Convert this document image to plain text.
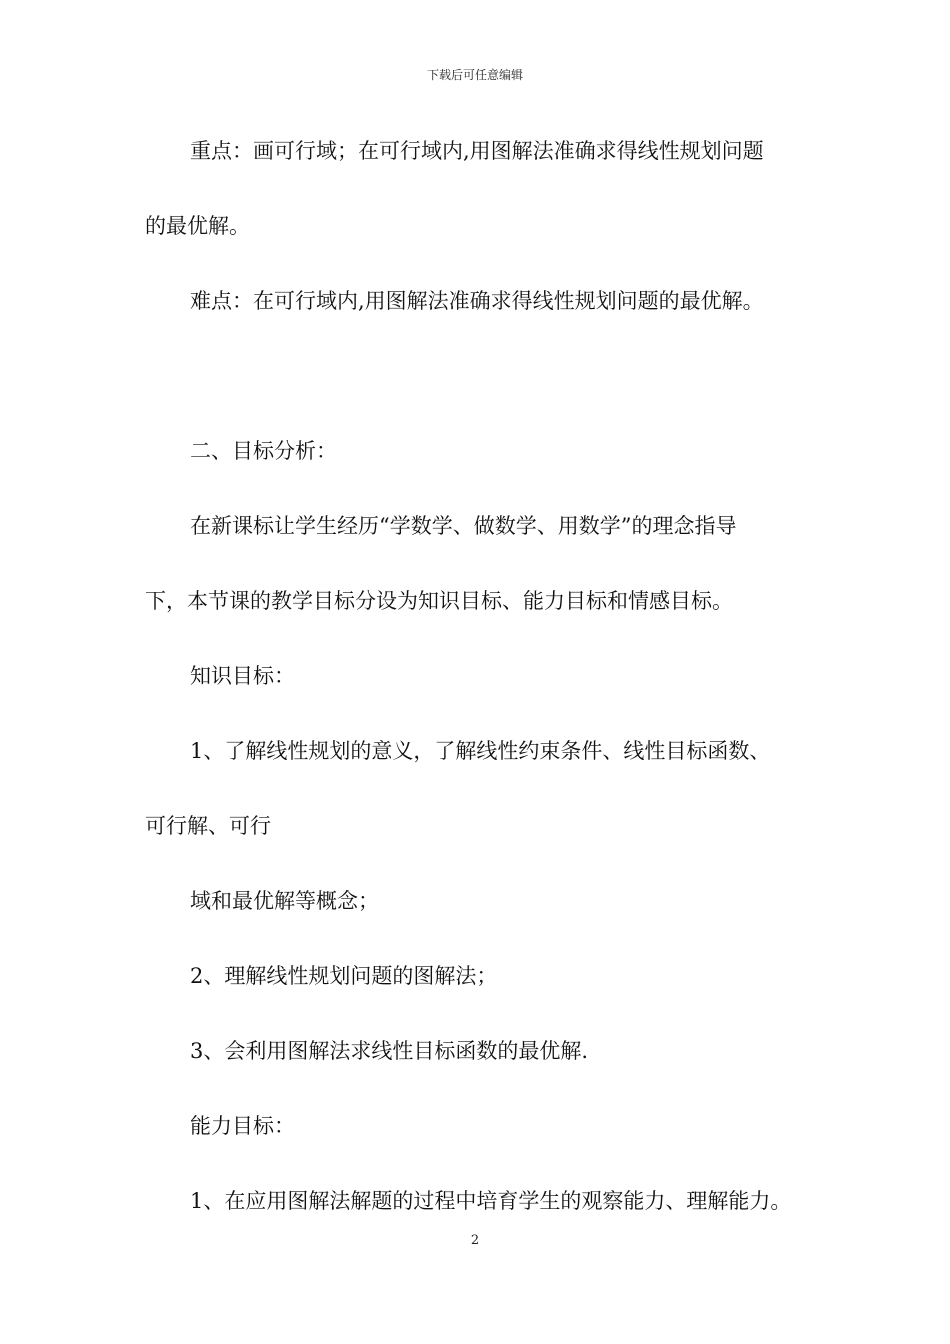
下载后可任意编辑
重点：画可行域；在可行域内,用图解法准确求得线性规划问题
的最优解。
难点：在可行域内,用图解法准确求得线性规划问题的最优解。
二、目标分析：
在新课标让学生经历“学数学、做数学、用数学”的理念指导
下，本节课的教学目标分设为知识目标、能力目标和情感目标。
知识目标：
1、了解线性规划的意义，了解线性约束条件、线性目标函数、
可行解、可行
域和最优解等概念；
2、理解线性规划问题的图解法；
3、会利用图解法求线性目标函数的最优解.
能力目标：
1、在应用图解法解题的过程中培育学生的观察能力、理解能力。
2
